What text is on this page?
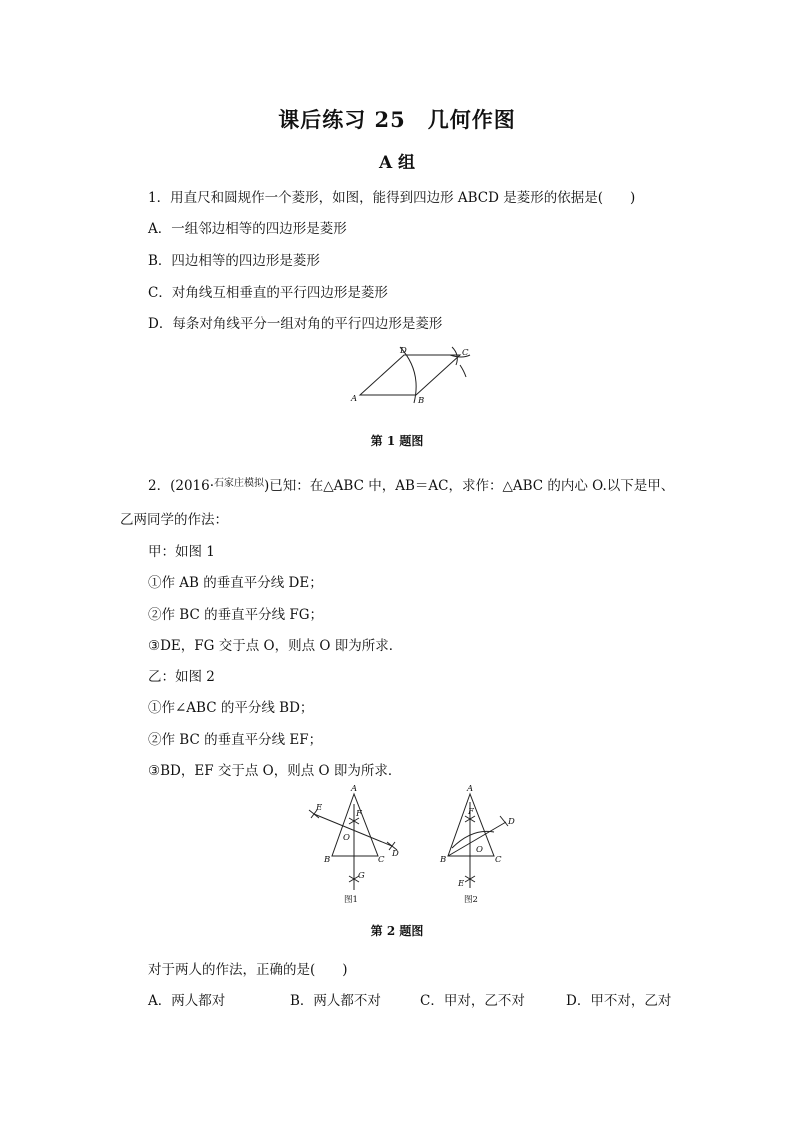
课后练习 25　几何作图
A 组
1．用直尺和圆规作一个菱形，如图，能得到四边形 ABCD 是菱形的依据是(　　)
A．一组邻边相等的四边形是菱形
B．四边相等的四边形是菱形
C．对角线互相垂直的平行四边形是菱形
D．每条对角线平分一组对角的平行四边形是菱形
A	B
C
D
第 1 题图
2．(2016·$^{石家庄模拟}$)已知：在△ABC 中，AB＝AC，求作：△ABC 的内心 O.以下是甲、
乙两同学的作法：
甲：如图 1
①作 AB 的垂直平分线 DE；
②作 BC 的垂直平分线 FG；
③DE，FG 交于点 O，则点 O 即为所求．
乙：如图 2
①作∠ABC 的平分线 BD；
②作 BC 的垂直平分线 EF；
③BD，EF 交于点 O，则点 O 即为所求．
A
B	C
D
E
F
G
O
图1
A
B	C
D
E
F
O
图2
第 2 题图
对于两人的作法，正确的是(　　)
A．两人都对	B．两人都不对	C．甲对，乙不对	D．甲不对，乙对
